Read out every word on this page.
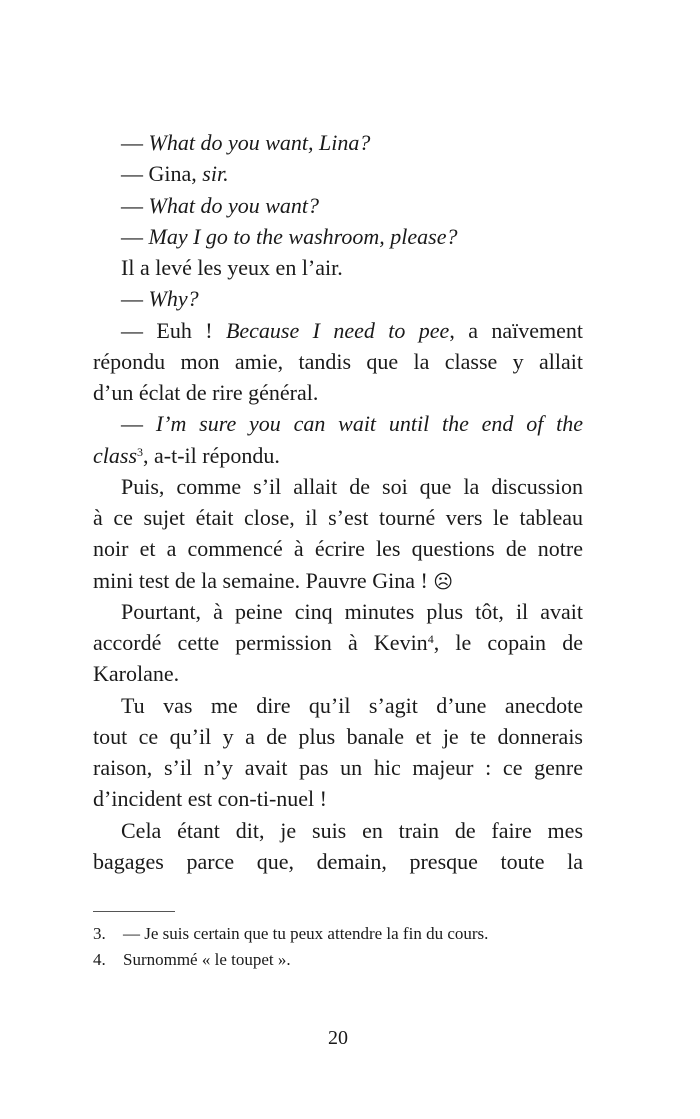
— What do you want, Lina?
— Gina, sir.
— What do you want?
— May I go to the washroom, please?
Il a levé les yeux en l’air.
— Why?
— Euh ! Because I need to pee, a naïvement
répondu mon amie, tandis que la classe y allait
d’un éclat de rire général.
— I’m sure you can wait until the end of the
class$^3$, a-t-il répondu.
Puis, comme s’il allait de soi que la discussion
à ce sujet était close, il s’est tourné vers le tableau
noir et a commencé à écrire les questions de notre
mini test de la semaine. Pauvre Gina ! ☹
Pourtant, à peine cinq minutes plus tôt, il avait
accordé cette permission à Kevin$^4$, le copain de
Karolane.
Tu vas me dire qu’il s’agit d’une anecdote
tout ce qu’il y a de plus banale et je te donnerais
raison, s’il n’y avait pas un hic majeur : ce genre
d’incident est con-ti-nuel !
Cela étant dit, je suis en train de faire mes
bagages parce que, demain, presque toute la
3. — Je suis certain que tu peux attendre la fin du cours.
4. Surnommé « le toupet ».
20
